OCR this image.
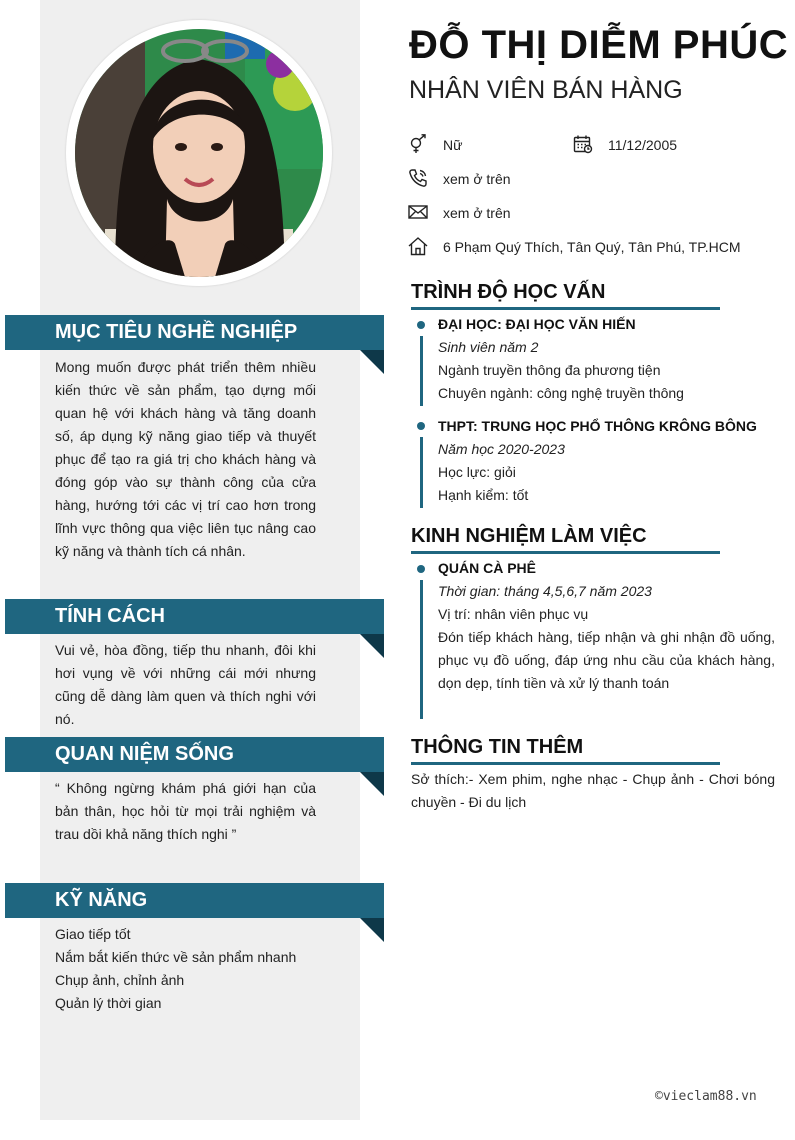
MỤC TIÊU NGHỀ NGHIỆP
Mong muốn được phát triển thêm nhiều kiến thức về sản phẩm, tạo dựng mối quan hệ với khách hàng và tăng doanh số, áp dụng kỹ năng giao tiếp và thuyết phục để tạo ra giá trị cho khách hàng và đóng góp vào sự thành công của cửa hàng, hướng tới các vị trí cao hơn trong lĩnh vực thông qua việc liên tục nâng cao kỹ năng và thành tích cá nhân.
TÍNH CÁCH
Vui vẻ, hòa đồng, tiếp thu nhanh, đôi khi hơi vụng về với những cái mới nhưng cũng dễ dàng làm quen và thích nghi với nó.
QUAN NIỆM SỐNG
“ Không ngừng khám phá giới hạn của bản thân, học hỏi từ mọi trải nghiệm và trau dồi khả năng thích nghi ”
KỸ NĂNG
Giao tiếp tốt
Nắm bắt kiến thức về sản phẩm nhanh
Chụp ảnh, chỉnh ảnh
Quản lý thời gian
ĐỖ THỊ DIỄM PHÚC
NHÂN VIÊN BÁN HÀNG
Nữ	11/12/2005
xem ở trên
xem ở trên
6 Phạm Quý Thích, Tân Quý, Tân Phú, TP.HCM
TRÌNH ĐỘ HỌC VẤN
ĐẠI HỌC: ĐẠI HỌC VĂN HIẾN
Sinh viên năm 2
Ngành truyền thông đa phương tiện
Chuyên ngành: công nghệ truyền thông
THPT: TRUNG HỌC PHỔ THÔNG KRÔNG BÔNG
Năm học 2020-2023
Học lực: giỏi
Hạnh kiểm: tốt
KINH NGHIỆM LÀM VIỆC
QUÁN CÀ PHÊ
Thời gian: tháng 4,5,6,7 năm 2023
Vị trí: nhân viên phục vụ
Đón tiếp khách hàng, tiếp nhận và ghi nhận đồ uống, phục vụ đồ uống, đáp ứng nhu cầu của khách hàng, dọn dẹp, tính tiền và xử lý thanh toán
THÔNG TIN THÊM
Sở thích:- Xem phim, nghe nhạc - Chụp ảnh - Chơi bóng chuyền - Đi du lịch
©vieclam88.vn
